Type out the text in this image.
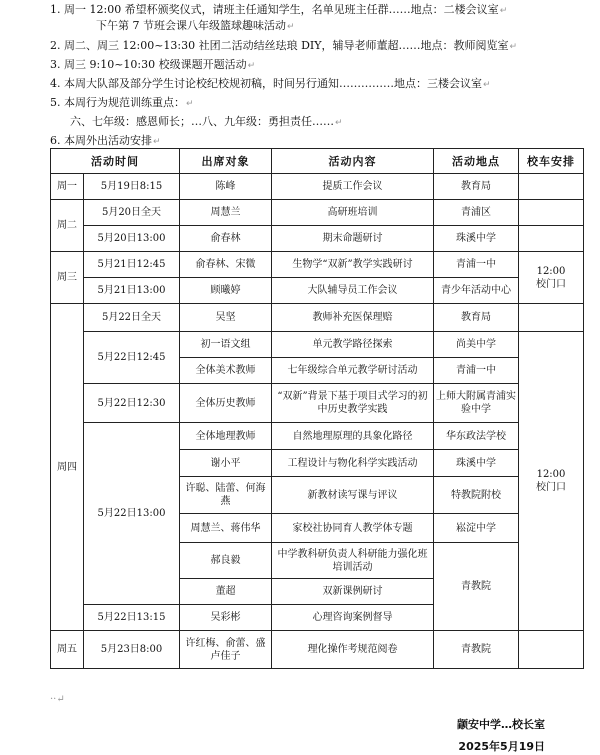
1. 周一 12:00 希望杯颁奖仪式，请班主任通知学生，名单见班主任群……地点：二楼会议室↵
下午第 7 节班会课八年级篮球趣味活动↵
2. 周二、周三 12:00~13:30 社团二活动结丝珐琅 DIY，辅导老师董超……地点：教师阅览室↵
3. 周三 9:10~10:30 校级课题开题活动↵
4. 本周大队部及部分学生讨论校纪校规初稿，时间另行通知……………地点：三楼会议室↵
5. 本周行为规范训练重点：↵
六、七年级：感恩师长；…八、九年级：勇担责任……↵
6. 本周外出活动安排↵
活动时间		出席对象	活动内容	活动地点	校车安排
周一	5月19日8:15	陈峰	提质工作会议	教育局	
周二	5月20日全天	周慧兰	高研班培训	青浦区	
	5月20日13:00	俞春林	期末命题研讨	珠溪中学	
周三	5月21日12:45	俞春林、宋微	生物学“双新”教学实践研讨	青浦一中	12:00
校门口

	5月21日13:00	顾曦婷	大队辅导员工作会议	青少年活动中心	
周四	5月22日全天	吴坚	教师补充医保理赔	教育局	
	5月22日12:45	初一语文组	单元教学路径探索	尚美中学	12:00
校门口

		全体美术教师	七年级综合单元教学研讨活动	青浦一中	
	5月22日12:30	全体历史教师	“双新”背景下基于项目式学习的初中历史教学实践	上师大附属青浦实验中学	
	5月22日13:00	全体地理教师	自然地理原理的具象化路径	华东政法学校	
		谢小平	工程设计与物化科学实践活动	珠溪中学	
		许聪、陆蕾、何海燕	新教材读写课与评议	特教院附校	
		周慧兰、蒋伟华	家校社协同育人教学体专题	崧淀中学	
		郝良毅	中学教科研负责人科研能力强化班培训活动	青教院	
		董超	双新课例研讨		
	5月22日13:15	吴彩彬	心理咨询案例督导		
周五	5月23日8:00	许红梅、俞蕾、盛卢佳子	理化操作考规范阅卷	青教院	
··↵
颛安中学…校长室
2025年5月19日
